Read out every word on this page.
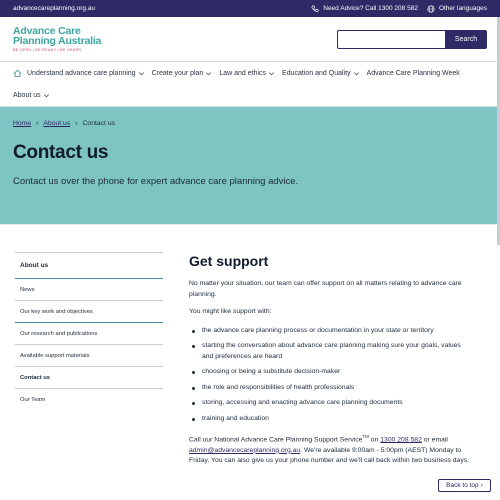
advancecareplanning.org.au	Need Advice? Call 1300 208 582	Other languages
Advance Care
Planning Australia
BE OPEN | BE READY | BE HEARD
Search
Understand advance care planning Create your plan Law and ethics Education and Quality Advance Care Planning Week
About us
Home › About us › Contact us
Contact us

Contact us over the phone for expert advance care planning advice.

About us
News
Our key work and objectives
Our research and publications
Available support materials
Contact us
Our Team
Get support

No matter your situation, our team can offer support on all matters relating to advance care planning.

You might like support with:

the advance care planning process or documentation in your state or territory
starting the conversation about advance care planning making sure your goals, values and preferences are heard
choosing or being a substitute decision-maker
the role and responsibilities of health professionals
storing, accessing and enacting advance care planning documents
training and education

Call our National Advance Care Planning Support Service™ on 1300 208 582 or email admin@advancecareplanning.org.au. We're available 9:00am - 5:00pm (AEST) Monday to Friday. You can also give us your phone number and we'll call back within two business days.

Back to top ›
